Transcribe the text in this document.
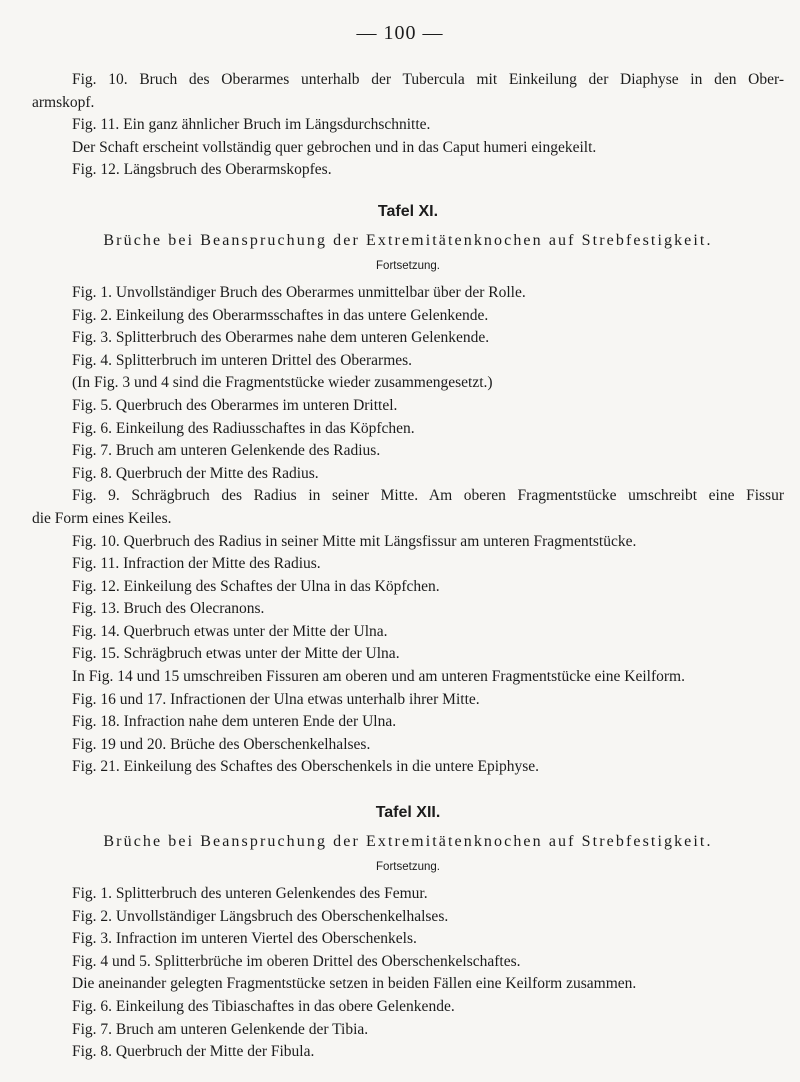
— 100 —
Fig. 10. Bruch des Oberarmes unterhalb der Tubercula mit Einkeilung der Diaphyse in den Ober-
armskopf.
Fig. 11. Ein ganz ähnlicher Bruch im Längsdurchschnitte.
Der Schaft erscheint vollständig quer gebrochen und in das Caput humeri eingekeilt.
Fig. 12. Längsbruch des Oberarmskopfes.
Tafel XI.
Brüche bei Beanspruchung der Extremitätenknochen auf Strebfestigkeit.
Fortsetzung.
Fig. 1. Unvollständiger Bruch des Oberarmes unmittelbar über der Rolle.
Fig. 2. Einkeilung des Oberarmsschaftes in das untere Gelenkende.
Fig. 3. Splitterbruch des Oberarmes nahe dem unteren Gelenkende.
Fig. 4. Splitterbruch im unteren Drittel des Oberarmes.
(In Fig. 3 und 4 sind die Fragmentstücke wieder zusammengesetzt.)
Fig. 5. Querbruch des Oberarmes im unteren Drittel.
Fig. 6. Einkeilung des Radiusschaftes in das Köpfchen.
Fig. 7. Bruch am unteren Gelenkende des Radius.
Fig. 8. Querbruch der Mitte des Radius.
Fig. 9. Schrägbruch des Radius in seiner Mitte. Am oberen Fragmentstücke umschreibt eine Fissur
die Form eines Keiles.
Fig. 10. Querbruch des Radius in seiner Mitte mit Längsfissur am unteren Fragmentstücke.
Fig. 11. Infraction der Mitte des Radius.
Fig. 12. Einkeilung des Schaftes der Ulna in das Köpfchen.
Fig. 13. Bruch des Olecranons.
Fig. 14. Querbruch etwas unter der Mitte der Ulna.
Fig. 15. Schrägbruch etwas unter der Mitte der Ulna.
In Fig. 14 und 15 umschreiben Fissuren am oberen und am unteren Fragmentstücke eine Keilform.
Fig. 16 und 17. Infractionen der Ulna etwas unterhalb ihrer Mitte.
Fig. 18. Infraction nahe dem unteren Ende der Ulna.
Fig. 19 und 20. Brüche des Oberschenkelhalses.
Fig. 21. Einkeilung des Schaftes des Oberschenkels in die untere Epiphyse.
Tafel XII.
Brüche bei Beanspruchung der Extremitätenknochen auf Strebfestigkeit.
Fortsetzung.
Fig. 1. Splitterbruch des unteren Gelenkendes des Femur.
Fig. 2. Unvollständiger Längsbruch des Oberschenkelhalses.
Fig. 3. Infraction im unteren Viertel des Oberschenkels.
Fig. 4 und 5. Splitterbrüche im oberen Drittel des Oberschenkelschaftes.
Die aneinander gelegten Fragmentstücke setzen in beiden Fällen eine Keilform zusammen.
Fig. 6. Einkeilung des Tibiaschaftes in das obere Gelenkende.
Fig. 7. Bruch am unteren Gelenkende der Tibia.
Fig. 8. Querbruch der Mitte der Fibula.
